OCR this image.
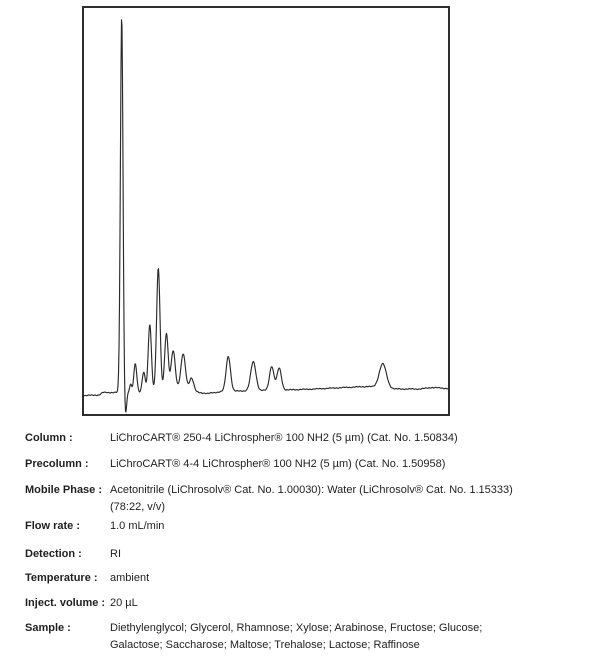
Column :	LiChroCART® 250-4 LiChrospher® 100 NH2 (5 µm) (Cat. No. 1.50834)
Precolumn :	LiChroCART® 4-4 LiChrospher® 100 NH2 (5 µm) (Cat. No. 1.50958)
Mobile Phase : Acetonitrile (LiChrosolv® Cat. No. 1.00030): Water (LiChrosolv® Cat. No. 1.15333)
(78:22, v/v)
Flow rate :	1.0 mL/min
Detection :	RI
Temperature :	ambient
Inject. volume : 20 µL
Sample :	Diethylenglycol; Glycerol, Rhamnose; Xylose; Arabinose, Fructose; Glucose;
Galactose; Saccharose; Maltose; Trehalose; Lactose; Raffinose
